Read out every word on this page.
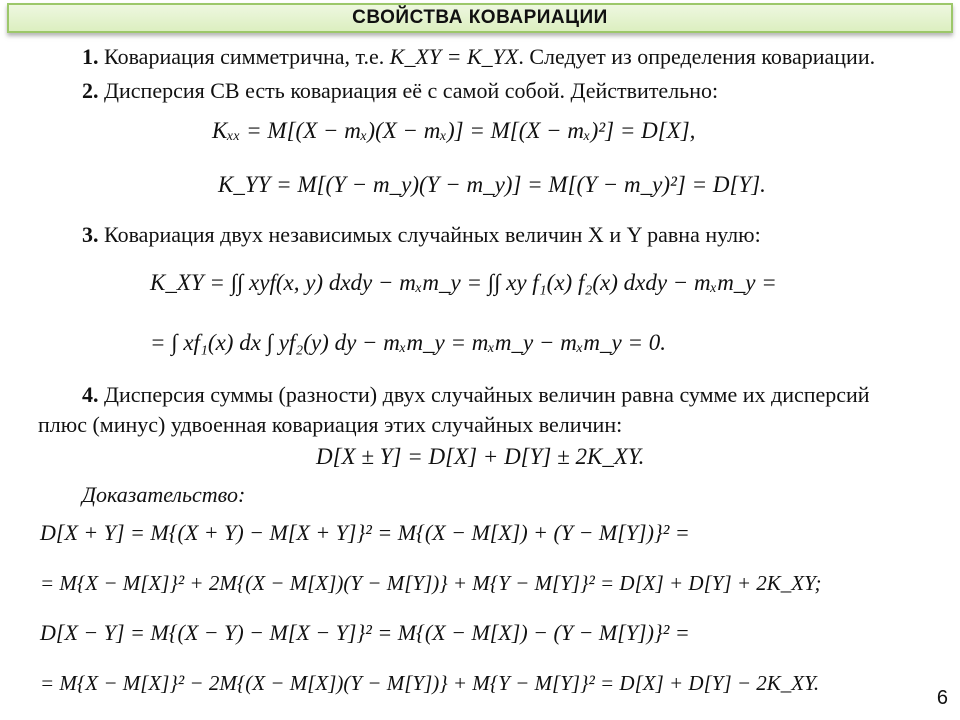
СВОЙСТВА КОВАРИАЦИИ
1. Ковариация симметрична, т.е. K_XY = K_YX. Следует из определения ковариации.
2. Дисперсия СВ есть ковариация её с самой собой. Действительно:
Kₓₓ = M[(X − mₓ)(X − mₓ)] = M[(X − mₓ)²] = D[X],
K_YY = M[(Y − m_y)(Y − m_y)] = M[(Y − m_y)²] = D[Y].
3. Ковариация двух независимых случайных величин X и Y равна нулю:
K_XY = ∫∫ xyf(x, y) dxdy − mₓm_y = ∫∫ xy f₁(x) f₂(x) dxdy − mₓm_y =
= ∫ xf₁(x) dx ∫ yf₂(y) dy − mₓm_y = mₓm_y − mₓm_y = 0.
4. Дисперсия суммы (разности) двух случайных величин равна сумме их дисперсий
плюс (минус) удвоенная ковариация этих случайных величин:
D[X ± Y] = D[X] + D[Y] ± 2K_XY.
Доказательство:
D[X + Y] = M{(X + Y) − M[X + Y]}² = M{(X − M[X]) + (Y − M[Y])}² =
= M{X − M[X]}² + 2M{(X − M[X])(Y − M[Y])} + M{Y − M[Y]}² = D[X] + D[Y] + 2K_XY;
D[X − Y] = M{(X − Y) − M[X − Y]}² = M{(X − M[X]) − (Y − M[Y])}² =
= M{X − M[X]}² − 2M{(X − M[X])(Y − M[Y])} + M{Y − M[Y]}² = D[X] + D[Y] − 2K_XY.
6
